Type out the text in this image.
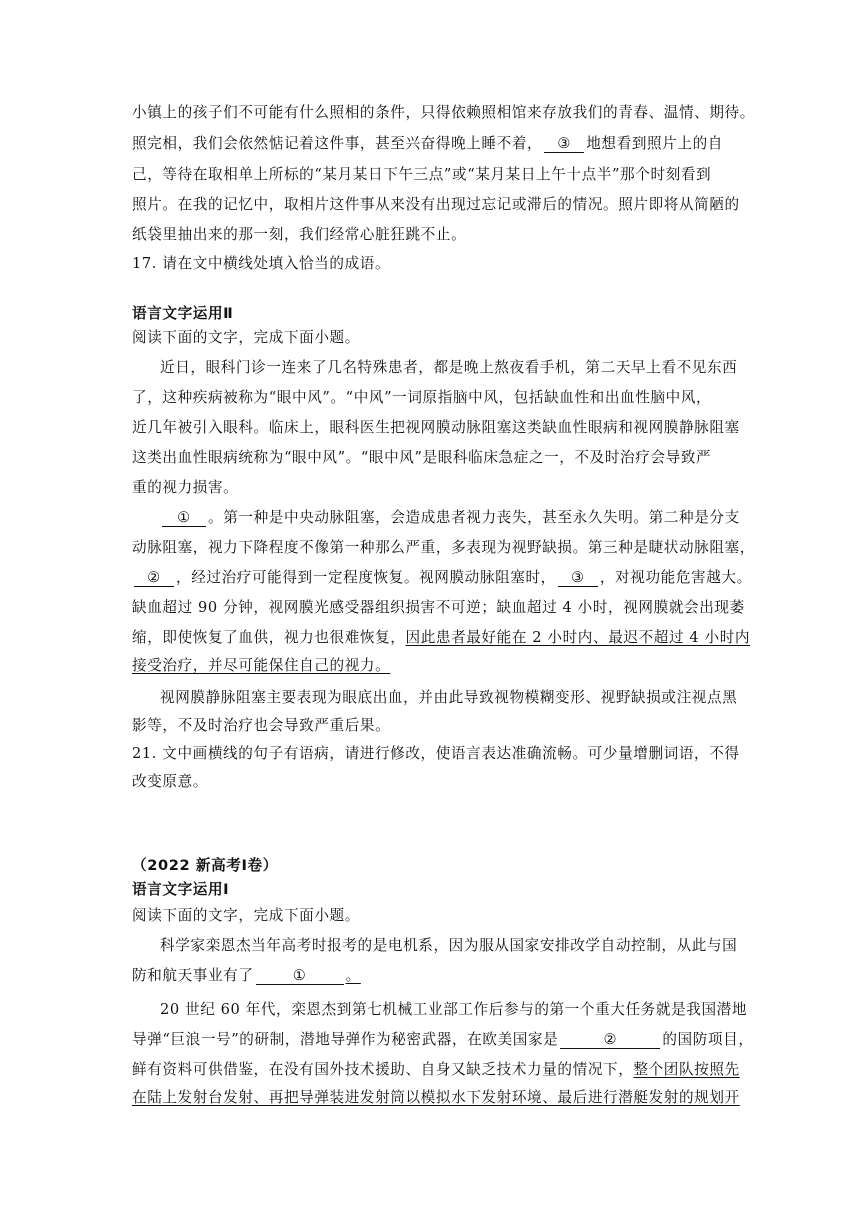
小镇上的孩子们不可能有什么照相的条件，只得依赖照相馆来存放我们的青春、温情、期待。
照完相，我们会依然惦记着这件事，甚至兴奋得晚上睡不着， ③ 地想看到照片上的自
己，等待在取相单上所标的“某月某日下午三点”或“某月某日上午十点半”那个时刻看到
照片。在我的记忆中，取相片这件事从来没有出现过忘记或滞后的情况。照片即将从简陋的
纸袋里抽出来的那一刻，我们经常心脏狂跳不止。
17. 请在文中横线处填入恰当的成语。
语言文字运用Ⅱ
阅读下面的文字，完成下面小题。
近日，眼科门诊一连来了几名特殊患者，都是晚上熬夜看手机，第二天早上看不见东西
了，这种疾病被称为“眼中风”。“中风”一词原指脑中风，包括缺血性和出血性脑中风，
近几年被引入眼科。临床上，眼科医生把视网膜动脉阻塞这类缺血性眼病和视网膜静脉阻塞
这类出血性眼病统称为“眼中风”。“眼中风”是眼科临床急症之一，不及时治疗会导致严
重的视力损害。
① 。第一种是中央动脉阻塞，会造成患者视力丧失，甚至永久失明。第二种是分支
动脉阻塞，视力下降程度不像第一种那么严重，多表现为视野缺损。第三种是睫状动脉阻塞，
② ，经过治疗可能得到一定程度恢复。视网膜动脉阻塞时， ③ ，对视功能危害越大。
缺血超过 90 分钟，视网膜光感受器组织损害不可逆；缺血超过 4 小时，视网膜就会出现萎
缩，即使恢复了血供，视力也很难恢复，因此患者最好能在 2 小时内、最迟不超过 4 小时内
接受治疗，并尽可能保住自己的视力。
视网膜静脉阻塞主要表现为眼底出血，并由此导致视物模糊变形、视野缺损或注视点黑
影等，不及时治疗也会导致严重后果。
21. 文中画横线的句子有语病，请进行修改，使语言表达准确流畅。可少量增删词语，不得
改变原意。
（2022 新高考Ⅰ卷）
语言文字运用Ⅰ
阅读下面的文字，完成下面小题。
科学家栾恩杰当年高考时报考的是电机系，因为服从国家安排改学自动控制，从此与国
防和航天事业有了	①	。
20 世纪 60 年代，栾恩杰到第七机械工业部工作后参与的第一个重大任务就是我国潜地
导弹“巨浪一号”的研制，潜地导弹作为秘密武器，在欧美国家是	②	的国防项目，
鲜有资料可供借鉴，在没有国外技术援助、自身又缺乏技术力量的情况下，整个团队按照先
在陆上发射台发射、再把导弹装进发射筒以模拟水下发射环境、最后进行潜艇发射的规划开
